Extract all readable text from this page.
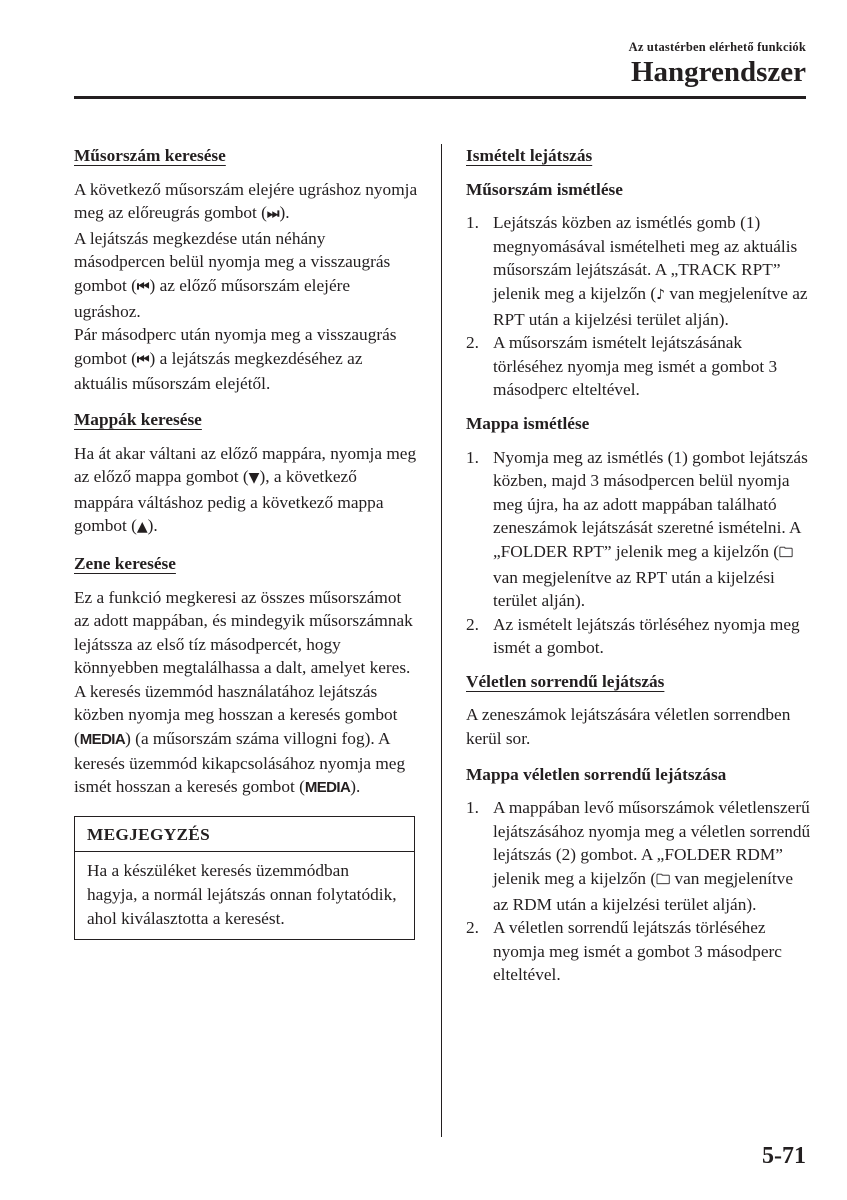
Az utastérben elérhető funkciók
Hangrendszer
Műsorszám keresése

A következő műsorszám elejére ugráshoz nyomja meg az előreugrás gombot (⏭).

A lejátszás megkezdése után néhány másodpercen belül nyomja meg a visszaugrás gombot (⏮) az előző műsorszám elejére ugráshoz.

Pár másodperc után nyomja meg a visszaugrás gombot (⏮) a lejátszás megkezdéséhez az aktuális műsorszám elejétől.

Mappák keresése

Ha át akar váltani az előző mappára, nyomja meg az előző mappa gombot (▼), a következő mappára váltáshoz pedig a következő mappa gombot (▲).

Zene keresése

Ez a funkció megkeresi az összes műsorszámot az adott mappában, és mindegyik műsorszámnak lejátssza az első tíz másodpercét, hogy könnyebben megtalálhassa a dalt, amelyet keres.

A keresés üzemmód használatához lejátszás közben nyomja meg hosszan a keresés gombot (MEDIA) (a műsorszám száma villogni fog). A keresés üzemmód kikapcsolásához nyomja meg ismét hosszan a keresés gombot (MEDIA).

MEGJEGYZÉS
Ha a készüléket keresés üzemmódban hagyja, a normál lejátszás onnan folytatódik, ahol kiválasztotta a keresést.
Ismételt lejátszás
Műsorszám ismétlése
1. Lejátszás közben az ismétlés gomb (1) megnyomásával ismételheti meg az aktuális műsorszám lejátszását. A „TRACK RPT” jelenik meg a kijelzőn (♪ van megjelenítve az RPT után a kijelzési terület alján).
2. A műsorszám ismételt lejátszásának törléséhez nyomja meg ismét a gombot 3 másodperc elteltével.
Mappa ismétlése
1. Nyomja meg az ismétlés (1) gombot lejátszás közben, majd 3 másodpercen belül nyomja meg újra, ha az adott mappában található zeneszámok lejátszását szeretné ismételni. A „FOLDER RPT” jelenik meg a kijelzőn (🗀 van megjelenítve az RPT után a kijelzési terület alján).
2. Az ismételt lejátszás törléséhez nyomja meg ismét a gombot.
Véletlen sorrendű lejátszás

A zeneszámok lejátszására véletlen sorrendben kerül sor.

Mappa véletlen sorrendű lejátszása
1. A mappában levő műsorszámok véletlenszerű lejátszásához nyomja meg a véletlen sorrendű lejátszás (2) gombot. A „FOLDER RDM” jelenik meg a kijelzőn (🗀 van megjelenítve az RDM után a kijelzési terület alján).
2. A véletlen sorrendű lejátszás törléséhez nyomja meg ismét a gombot 3 másodperc elteltével.
5-71
